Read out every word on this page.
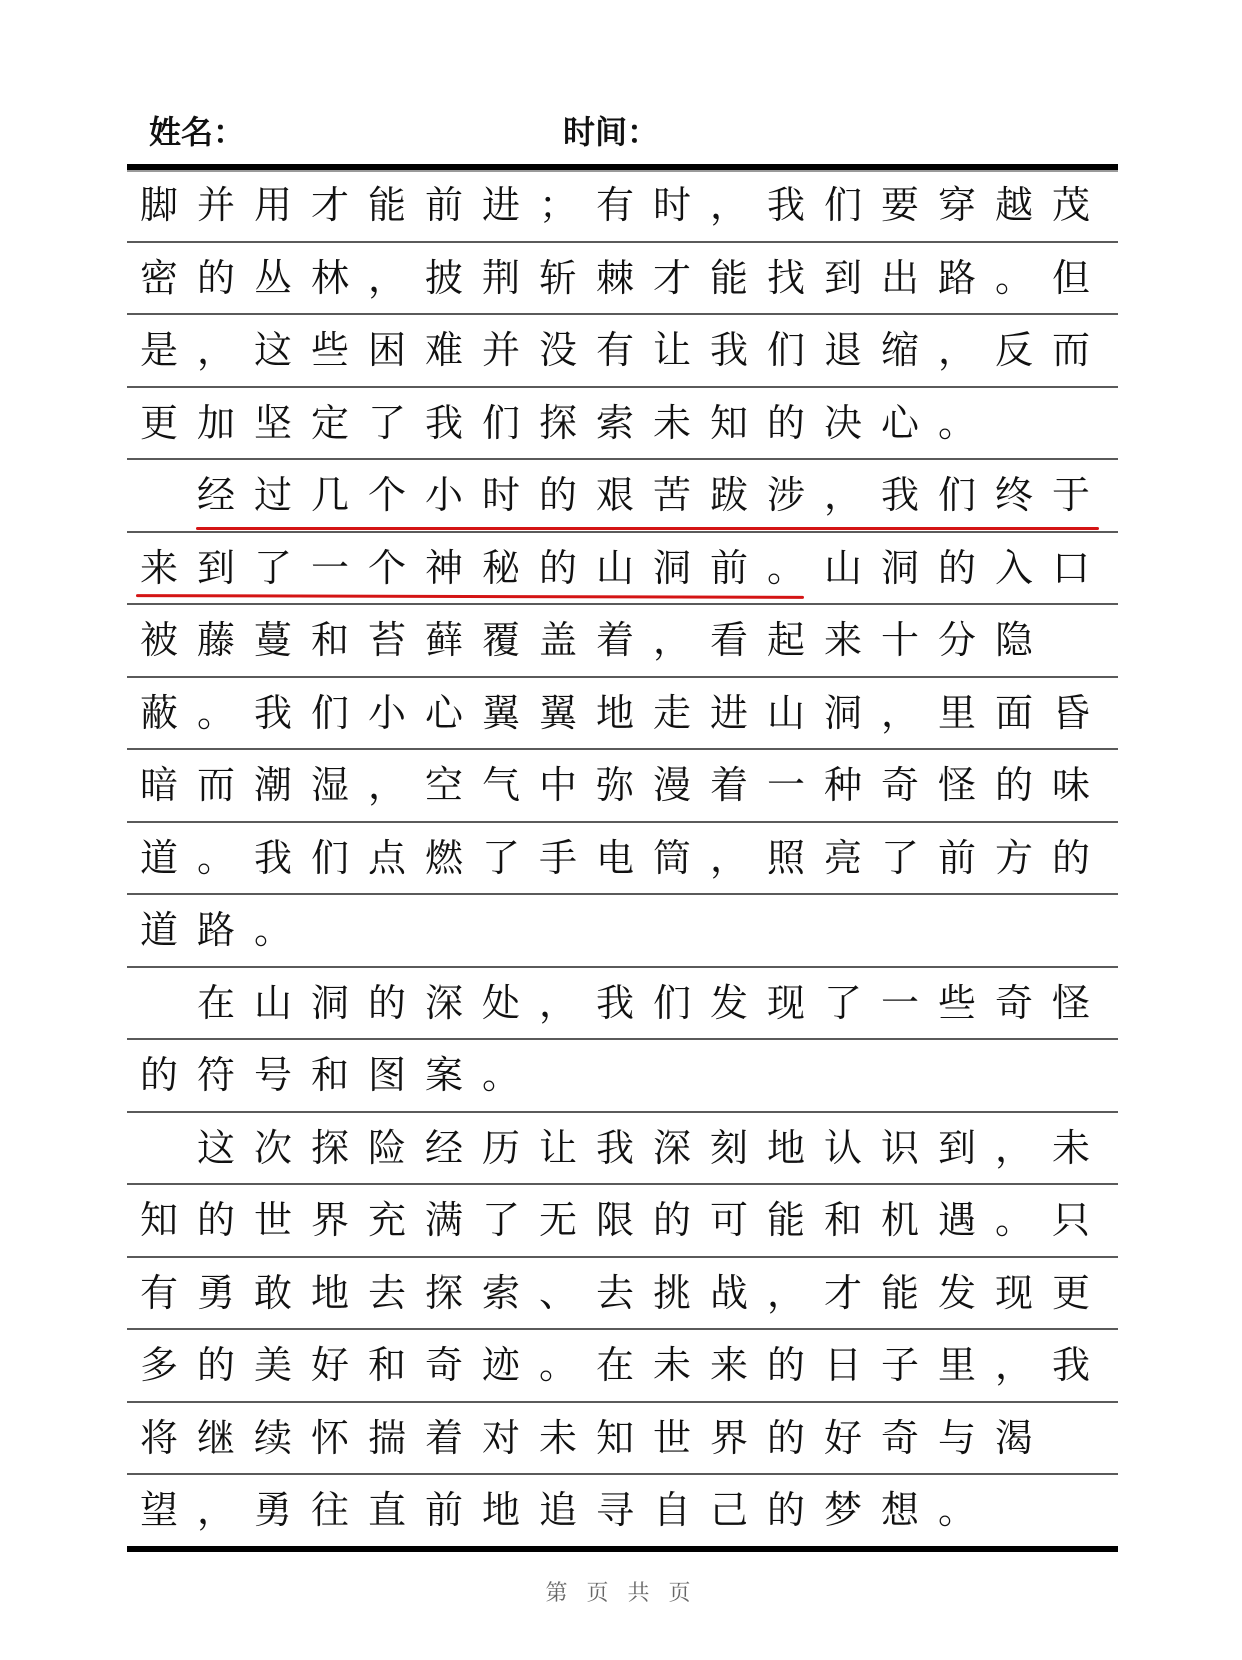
姓名：	时间：
脚并用才能前进；有时，我们要穿越茂
密的丛林，披荆斩棘才能找到出路。但
是，这些困难并没有让我们退缩，反而
更加坚定了我们探索未知的决心。
　经过几个小时的艰苦跋涉，我们终于
来到了一个神秘的山洞前。山洞的入口
被藤蔓和苔藓覆盖着，看起来十分隐
蔽。我们小心翼翼地走进山洞，里面昏
暗而潮湿，空气中弥漫着一种奇怪的味
道。我们点燃了手电筒，照亮了前方的
道路。
　在山洞的深处，我们发现了一些奇怪
的符号和图案。
　这次探险经历让我深刻地认识到，未
知的世界充满了无限的可能和机遇。只
有勇敢地去探索、去挑战，才能发现更
多的美好和奇迹。在未来的日子里，我
将继续怀揣着对未知世界的好奇与渴
望，勇往直前地追寻自己的梦想。
第 页 共 页
